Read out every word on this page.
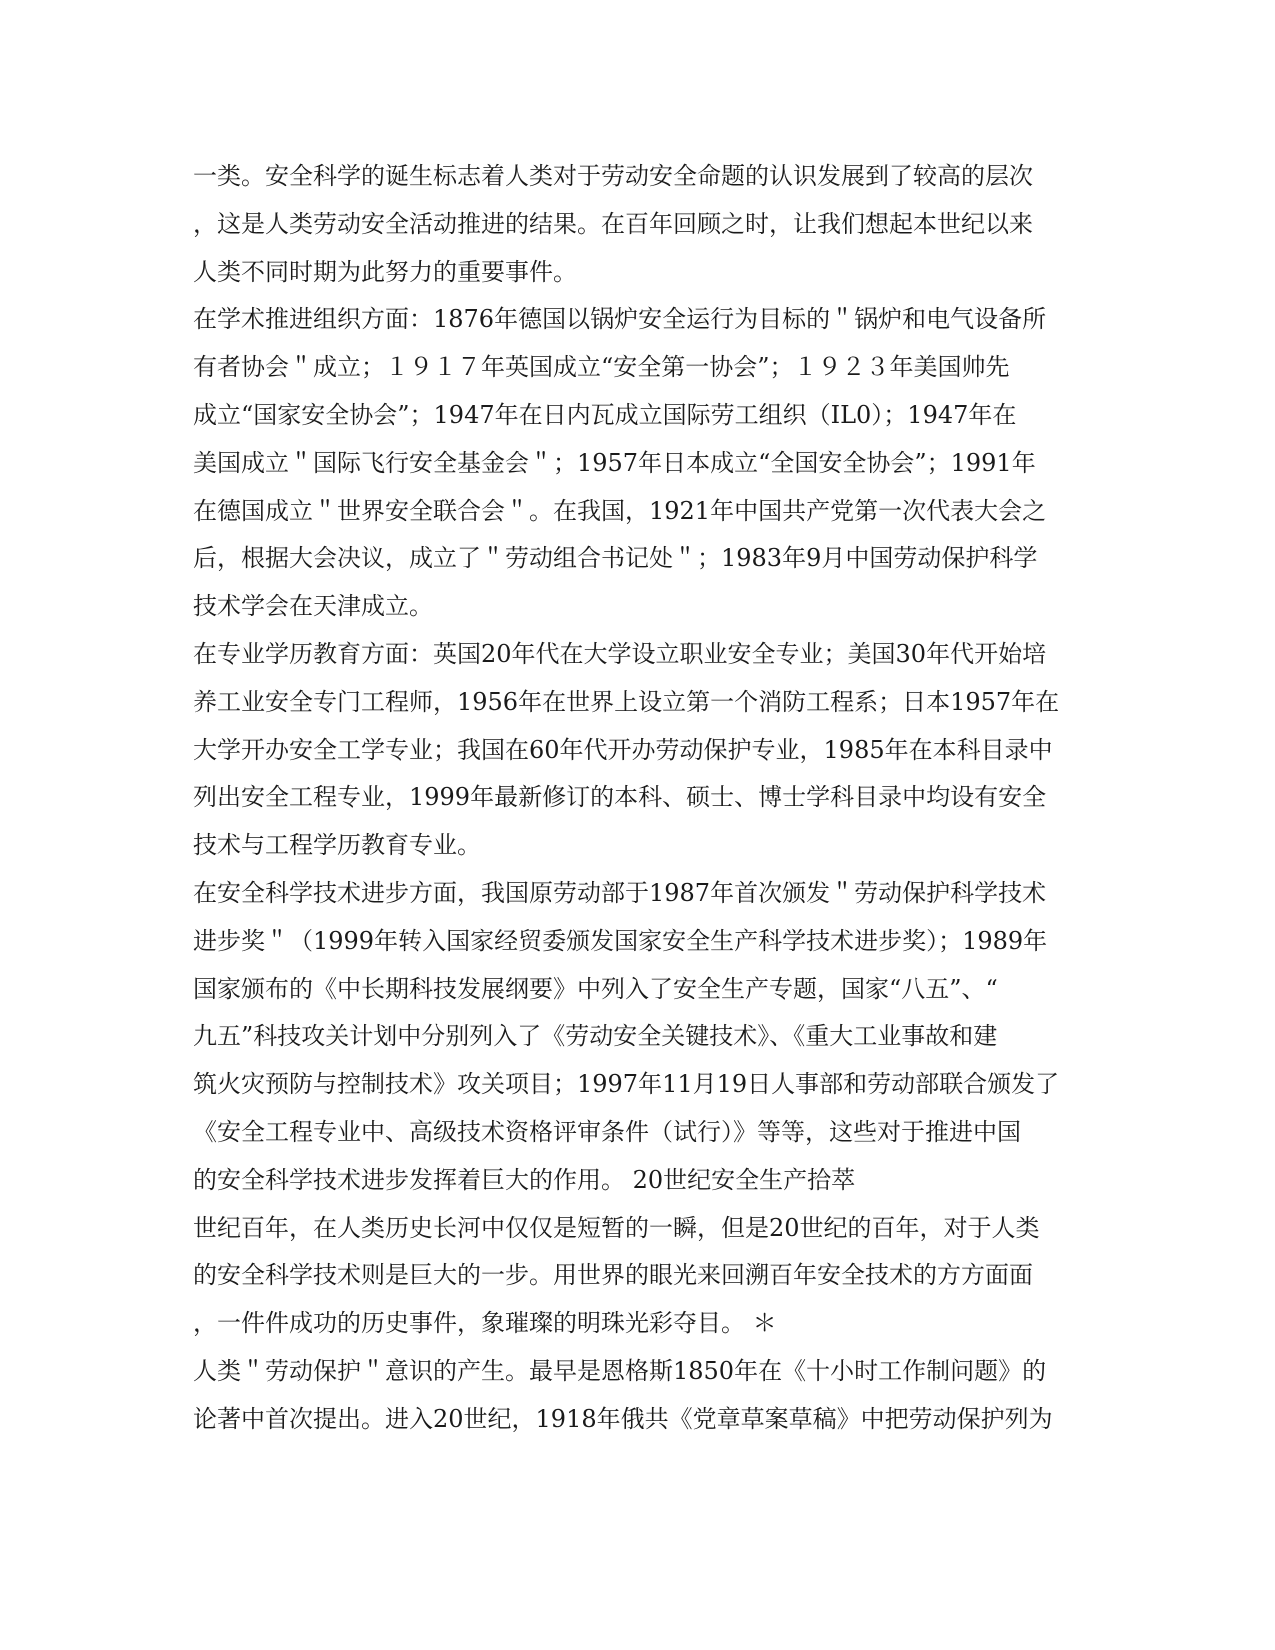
一类。安全科学的诞生标志着人类对于劳动安全命题的认识发展到了较高的层次
，这是人类劳动安全活动推进的结果。在百年回顾之时，让我们想起本世纪以来
人类不同时期为此努力的重要事件。
在学术推进组织方面：1876年德国以锅炉安全运行为目标的＂锅炉和电气设备所
有者协会＂成立；１９１７年英国成立“安全第一协会”；１９２３年美国帅先
成立“国家安全协会”；1947年在日内瓦成立国际劳工组织（IL0）；1947年在
美国成立＂国际飞行安全基金会＂；1957年日本成立“全国安全协会”；1991年
在德国成立＂世界安全联合会＂。在我国，1921年中国共产党第一次代表大会之
后，根据大会决议，成立了＂劳动组合书记处＂；1983年9月中国劳动保护科学
技术学会在天津成立。
在专业学历教育方面：英国20年代在大学设立职业安全专业；美国30年代开始培
养工业安全专门工程师，1956年在世界上设立第一个消防工程系；日本1957年在
大学开办安全工学专业；我国在60年代开办劳动保护专业，1985年在本科目录中
列出安全工程专业，1999年最新修订的本科、硕士、博士学科目录中均设有安全
技术与工程学历教育专业。
在安全科学技术进步方面，我国原劳动部于1987年首次颁发＂劳动保护科学技术
进步奖＂（1999年转入国家经贸委颁发国家安全生产科学技术进步奖）；1989年
国家颁布的《中长期科技发展纲要》中列入了安全生产专题，国家“八五”、“
九五”科技攻关计划中分别列入了《劳动安全关键技术》、《重大工业事故和建
筑火灾预防与控制技术》攻关项目；1997年11月19日人事部和劳动部联合颁发了
《安全工程专业中、高级技术资格评审条件（试行）》等等，这些对于推进中国
的安全科学技术进步发挥着巨大的作用。 20世纪安全生产拾萃
世纪百年，在人类历史长河中仅仅是短暂的一瞬，但是20世纪的百年，对于人类
的安全科学技术则是巨大的一步。用世界的眼光来回溯百年安全技术的方方面面
，一件件成功的历史事件，象璀璨的明珠光彩夺目。 ＊
人类＂劳动保护＂意识的产生。最早是恩格斯1850年在《十小时工作制问题》的
论著中首次提出。进入20世纪，1918年俄共《党章草案草稿》中把劳动保护列为
